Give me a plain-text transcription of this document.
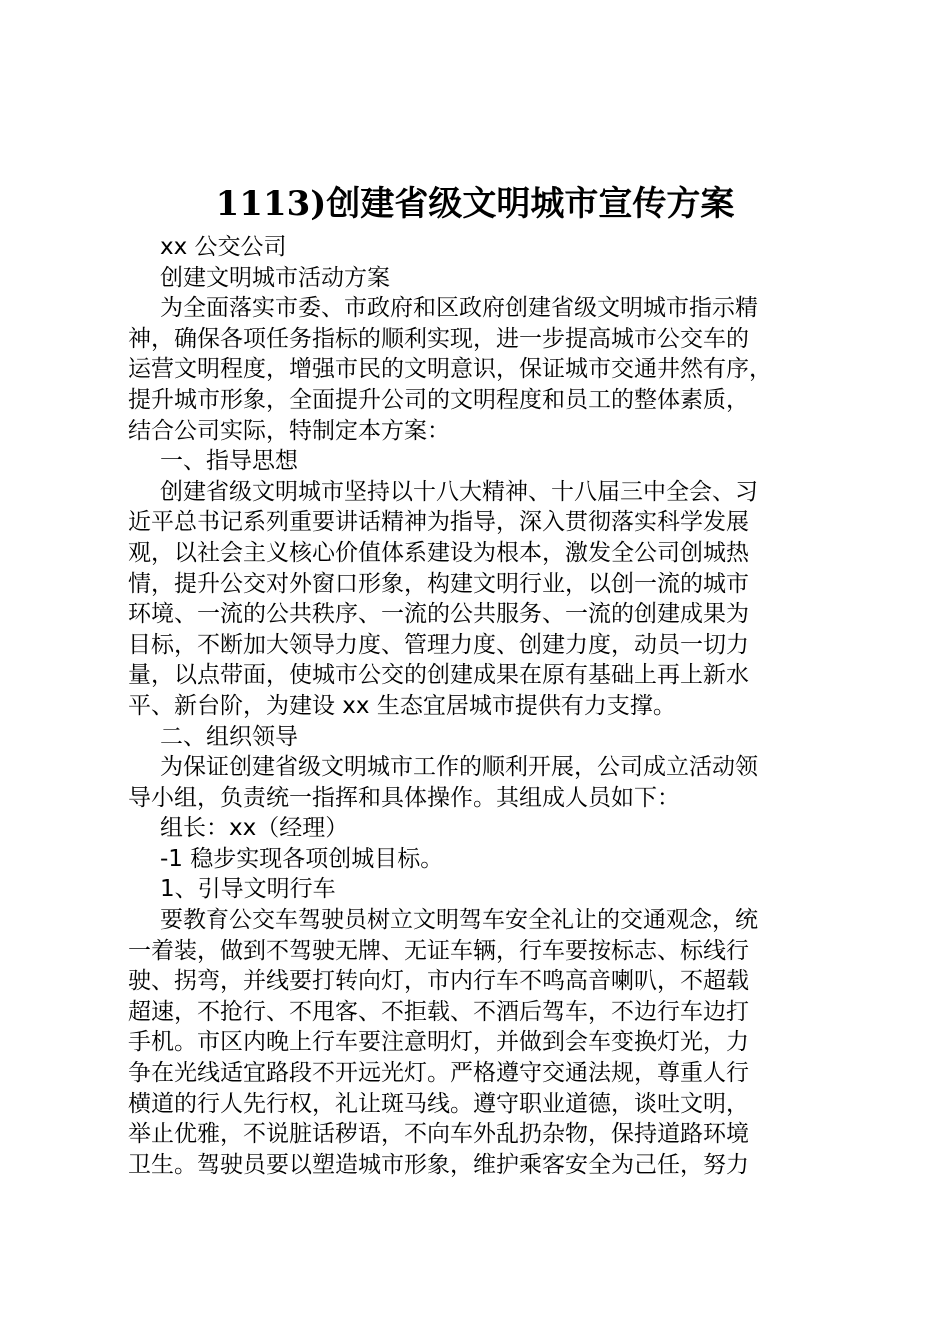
1113)创建省级文明城市宣传方案
xx 公交公司
创建文明城市活动方案
为全面落实市委、市政府和区政府创建省级文明城市指示精
神，确保各项任务指标的顺利实现，进一步提高城市公交车的
运营文明程度，增强市民的文明意识，保证城市交通井然有序，
提升城市形象，全面提升公司的文明程度和员工的整体素质，
结合公司实际，特制定本方案：
一、指导思想
创建省级文明城市坚持以十八大精神、十八届三中全会、习
近平总书记系列重要讲话精神为指导，深入贯彻落实科学发展
观，以社会主义核心价值体系建设为根本，激发全公司创城热
情，提升公交对外窗口形象，构建文明行业，以创一流的城市
环境、一流的公共秩序、一流的公共服务、一流的创建成果为
目标，不断加大领导力度、管理力度、创建力度，动员一切力
量，以点带面，使城市公交的创建成果在原有基础上再上新水
平、新台阶，为建设 xx 生态宜居城市提供有力支撑。
二、组织领导
为保证创建省级文明城市工作的顺利开展，公司成立活动领
导小组，负责统一指挥和具体操作。其组成人员如下：
组长：xx（经理）
-1 稳步实现各项创城目标。
1、引导文明行车
要教育公交车驾驶员树立文明驾车安全礼让的交通观念，统
一着装，做到不驾驶无牌、无证车辆，行车要按标志、标线行
驶、拐弯，并线要打转向灯，市内行车不鸣高音喇叭，不超载
超速，不抢行、不甩客、不拒载、不酒后驾车，不边行车边打
手机。市区内晚上行车要注意明灯，并做到会车变换灯光，力
争在光线适宜路段不开远光灯。严格遵守交通法规，尊重人行
横道的行人先行权，礼让斑马线。遵守职业道德，谈吐文明，
举止优雅，不说脏话秽语，不向车外乱扔杂物，保持道路环境
卫生。驾驶员要以塑造城市形象，维护乘客安全为己任，努力
